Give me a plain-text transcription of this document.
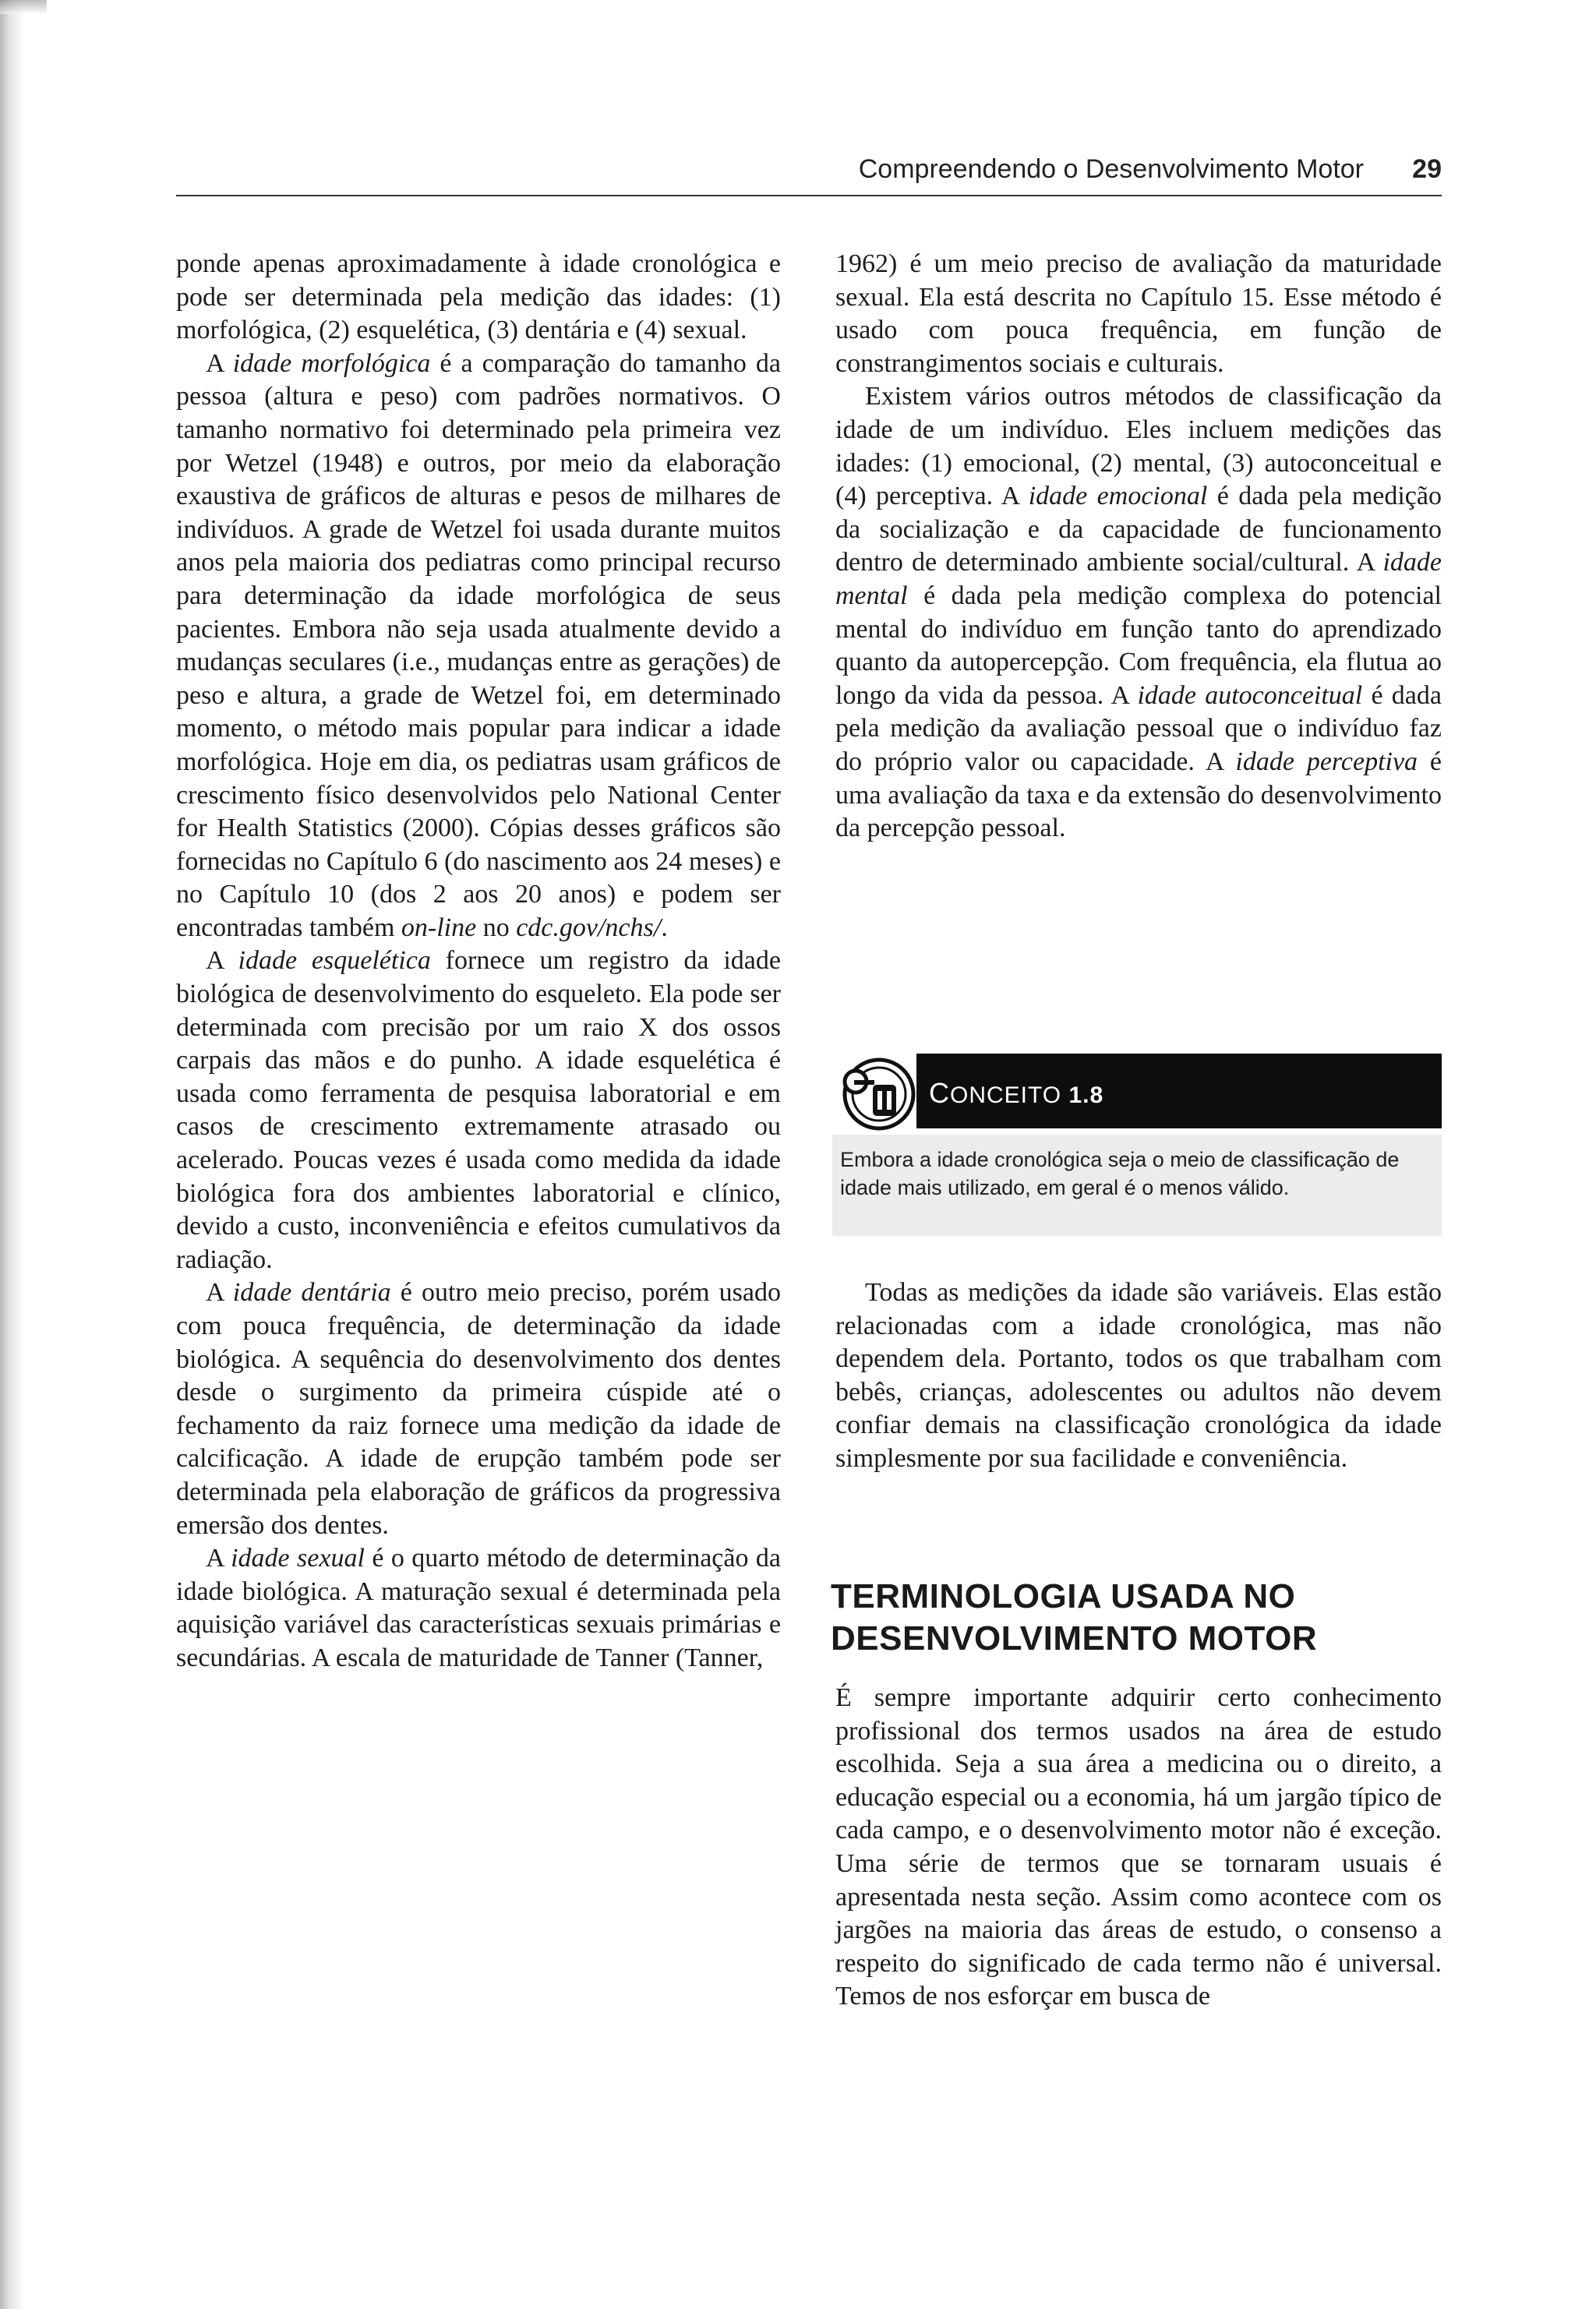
Compreendendo o Desenvolvimento Motor 29

ponde apenas aproximadamente à idade cronológica e pode ser determinada pela medição das idades: (1) morfológica, (2) esquelética, (3) dentária e (4) sexual.

A idade morfológica é a comparação do tamanho da pessoa (altura e peso) com padrões normativos. O tamanho normativo foi determinado pela primeira vez por Wetzel (1948) e outros, por meio da elaboração exaustiva de gráficos de alturas e pesos de milhares de indivíduos. A grade de Wetzel foi usada durante muitos anos pela maioria dos pediatras como principal recurso para determinação da idade morfológica de seus pacientes. Embora não seja usada atualmente devido a mudanças seculares (i.e., mudanças entre as gerações) de peso e altura, a grade de Wetzel foi, em determinado momento, o método mais popular para indicar a idade morfológica. Hoje em dia, os pediatras usam gráficos de crescimento físico desenvolvidos pelo National Center for Health Statistics (2000). Cópias desses gráficos são fornecidas no Capítulo 6 (do nascimento aos 24 meses) e no Capítulo 10 (dos 2 aos 20 anos) e podem ser encontradas também on-line no cdc.gov/nchs/.

A idade esquelética fornece um registro da idade biológica de desenvolvimento do esqueleto. Ela pode ser determinada com precisão por um raio X dos ossos carpais das mãos e do punho. A idade esquelética é usada como ferramenta de pesquisa laboratorial e em casos de crescimento extremamente atrasado ou acelerado. Poucas vezes é usada como medida da idade biológica fora dos ambientes laboratorial e clínico, devido a custo, inconveniência e efeitos cumulativos da radiação.

A idade dentária é outro meio preciso, porém usado com pouca frequência, de determinação da idade biológica. A sequência do desenvolvimento dos dentes desde o surgimento da primeira cúspide até o fechamento da raiz fornece uma medição da idade de calcificação. A idade de erupção também pode ser determinada pela elaboração de gráficos da progressiva emersão dos dentes.

A idade sexual é o quarto método de determinação da idade biológica. A maturação sexual é determinada pela aquisição variável das características sexuais primárias e secundárias. A escala de maturidade de Tanner (Tanner,

1962) é um meio preciso de avaliação da maturidade sexual. Ela está descrita no Capítulo 15. Esse método é usado com pouca frequência, em função de constrangimentos sociais e culturais.

Existem vários outros métodos de classificação da idade de um indivíduo. Eles incluem medições das idades: (1) emocional, (2) mental, (3) autoconceitual e (4) perceptiva. A idade emocional é dada pela medição da socialização e da capacidade de funcionamento dentro de determinado ambiente social/cultural. A idade mental é dada pela medição complexa do potencial mental do indivíduo em função tanto do aprendizado quanto da autopercepção. Com frequência, ela flutua ao longo da vida da pessoa. A idade autoconceitual é dada pela medição da avaliação pessoal que o indivíduo faz do próprio valor ou capacidade. A idade perceptiva é uma avaliação da taxa e da extensão do desenvolvimento da percepção pessoal.

CONCEITO 1.8
Embora a idade cronológica seja o meio de classificação de idade mais utilizado, em geral é o menos válido.

Todas as medições da idade são variáveis. Elas estão relacionadas com a idade cronológica, mas não dependem dela. Portanto, todos os que trabalham com bebês, crianças, adolescentes ou adultos não devem confiar demais na classificação cronológica da idade simplesmente por sua facilidade e conveniência.

TERMINOLOGIA USADA NO DESENVOLVIMENTO MOTOR

É sempre importante adquirir certo conhecimento profissional dos termos usados na área de estudo escolhida. Seja a sua área a medicina ou o direito, a educação especial ou a economia, há um jargão típico de cada campo, e o desenvolvimento motor não é exceção. Uma série de termos que se tornaram usuais é apresentada nesta seção. Assim como acontece com os jargões na maioria das áreas de estudo, o consenso a respeito do significado de cada termo não é universal. Temos de nos esforçar em busca de
